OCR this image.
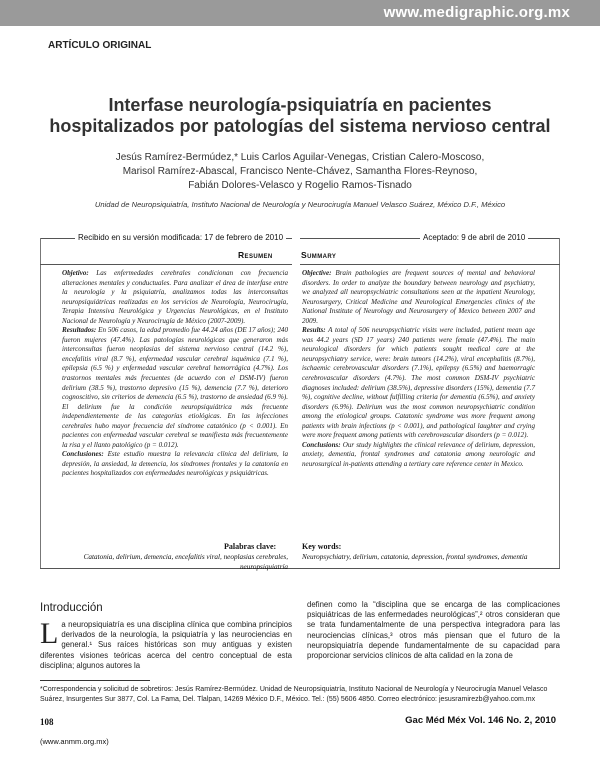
www.medigraphic.org.mx
ARTÍCULO ORIGINAL
Interfase neurología-psiquiatría en pacientes
hospitalizados por patologías del sistema nervioso central
Jesús Ramírez-Bermúdez,* Luis Carlos Aguilar-Venegas, Cristian Calero-Moscoso,
Marisol Ramírez-Abascal, Francisco Nente-Chávez, Samantha Flores-Reynoso,
Fabián Dolores-Velasco y Rogelio Ramos-Tisnado
Unidad de Neuropsiquiatría, Instituto Nacional de Neurología y Neurocirugía Manuel Velasco Suárez, México D.F., México
Recibido en su versión modificada: 17 de febrero de 2010	Aceptado: 9 de abril de 2010
Resumen	Summary

Objetivo: Las enfermedades cerebrales condicionan con frecuencia alteraciones mentales y conductuales. Para analizar el área de interfase entre la neurología y la psiquiatría, analizamos todas las interconsultas neuropsiquiátricas realizadas en los servicios de Neurología, Neurocirugía, Terapia Intensiva Neurológica y Urgencias Neurológicas, en el Instituto Nacional de Neurología y Neurocirugía de México (2007-2009).

Resultados: En 506 casos, la edad promedio fue 44.24 años (DE 17 años); 240 fueron mujeres (47.4%). Las patologías neurológicas que generaron más interconsultas fueron neoplasias del sistema nervioso central (14.2 %), encefalitis viral (8.7 %), enfermedad vascular cerebral isquémica (7.1 %), epilepsia (6.5 %) y enfermedad vascular cerebral hemorrágica (4.7%). Los trastornos mentales más frecuentes (de acuerdo con el DSM-IV) fueron delirium (38.5 %), trastorno depresivo (15 %), demencia (7.7 %), deterioro cognoscitivo, sin criterios de demencia (6.5 %), trastorno de ansiedad (6.9 %). El delirium fue la condición neuropsiquiátrica más frecuente independientemente de las categorías etiológicas. En las infecciones cerebrales hubo mayor frecuencia del síndrome catatónico (p < 0.001). En pacientes con enfermedad vascular cerebral se manifiesta más frecuentemente la risa y el llanto patológico (p = 0.012).

Conclusiones: Este estudio muestra la relevancia clínica del delirium, la depresión, la ansiedad, la demencia, los síndromes frontales y la catatonía en pacientes hospitalizados con enfermedades neurológicas y psiquiátricas.

Objective: Brain pathologies are frequent sources of mental and behavioral disorders. In order to analyze the boundary between neurology and psychiatry, we analyzed all neuropsychiatric consultations seen at the inpatient Neurology, Neurosurgery, Critical Medicine and Neurological Emergencies clinics of the National Institute of Neurology and Neurosurgery of Mexico between 2007 and 2009.

Results: A total of 506 neuropsychiatric visits were included, patient mean age was 44.2 years (SD 17 years) 240 patients were female (47.4%). The main neurological disorders for which patients sought medical care at the neuropsychiatry service, were: brain tumors (14.2%), viral encephalitis (8.7%), ischaemic cerebrovascular disorders (7.1%), epilepsy (6.5%) and haemorragic cerebrovascular disorders (4.7%). The most common DSM-IV psychiatric diagnoses included: delirium (38.5%), depressive disorders (15%), dementia (7.7 %), cognitive decline, without fulfilling criteria for dementia (6.5%), and anxiety disorders (6.9%). Delirium was the most common neuropsychiatric condition among the etiological groups. Catatonic syndrome was more frequent among patients with brain infections (p < 0.001), and pathological laughter and crying were more frequent among patients with cerebrovascular disorders (p = 0.012).

Conclusions: Our study highlights the clinical relevance of delirium, depression, anxiety, dementia, frontal syndromes and catatonia among neurologic and neurosurgical in-patients attending a tertiary care reference center in Mexico.

Palabras clave:
Catatonia, delirium, demencia, encefalitis viral, neoplasias cerebrales, neuropsiquiatría
Key words:
Neuropsychiatry, delirium, catatonia, depression, frontal syndromes, dementia
Introducción
La neuropsiquiatría es una disciplina clínica que combina principios derivados de la neurología, la psiquiatría y las neurociencias en general.¹ Sus raíces históricas son muy antiguas y existen diferentes visiones teóricas acerca del centro conceptual de esta disciplina; algunos autores la
definen como la “disciplina que se encarga de las complicaciones psiquiátricas de las enfermedades neurológicas”,² otros consideran que se trata fundamentalmente de una perspectiva integradora para las neurociencias clínicas,³ otros más piensan que el futuro de la neuropsiquiatría depende fundamentalmente de su capacidad para proporcionar servicios clínicos de alta calidad en la zona de
*Correspondencia y solicitud de sobretiros: Jesús Ramírez-Bermúdez. Unidad de Neuropsiquiatría, Instituto Nacional de Neurología y Neurocirugía Manuel Velasco Suárez, Insurgentes Sur 3877, Col. La Fama, Del. Tlalpan, 14269 México D.F., México. Tel.: (55) 5606 4850. Correo electrónico: jesusramirezb@yahoo.com.mx
108	Gac Méd Méx Vol. 146 No. 2, 2010
(www.anmm.org.mx)
